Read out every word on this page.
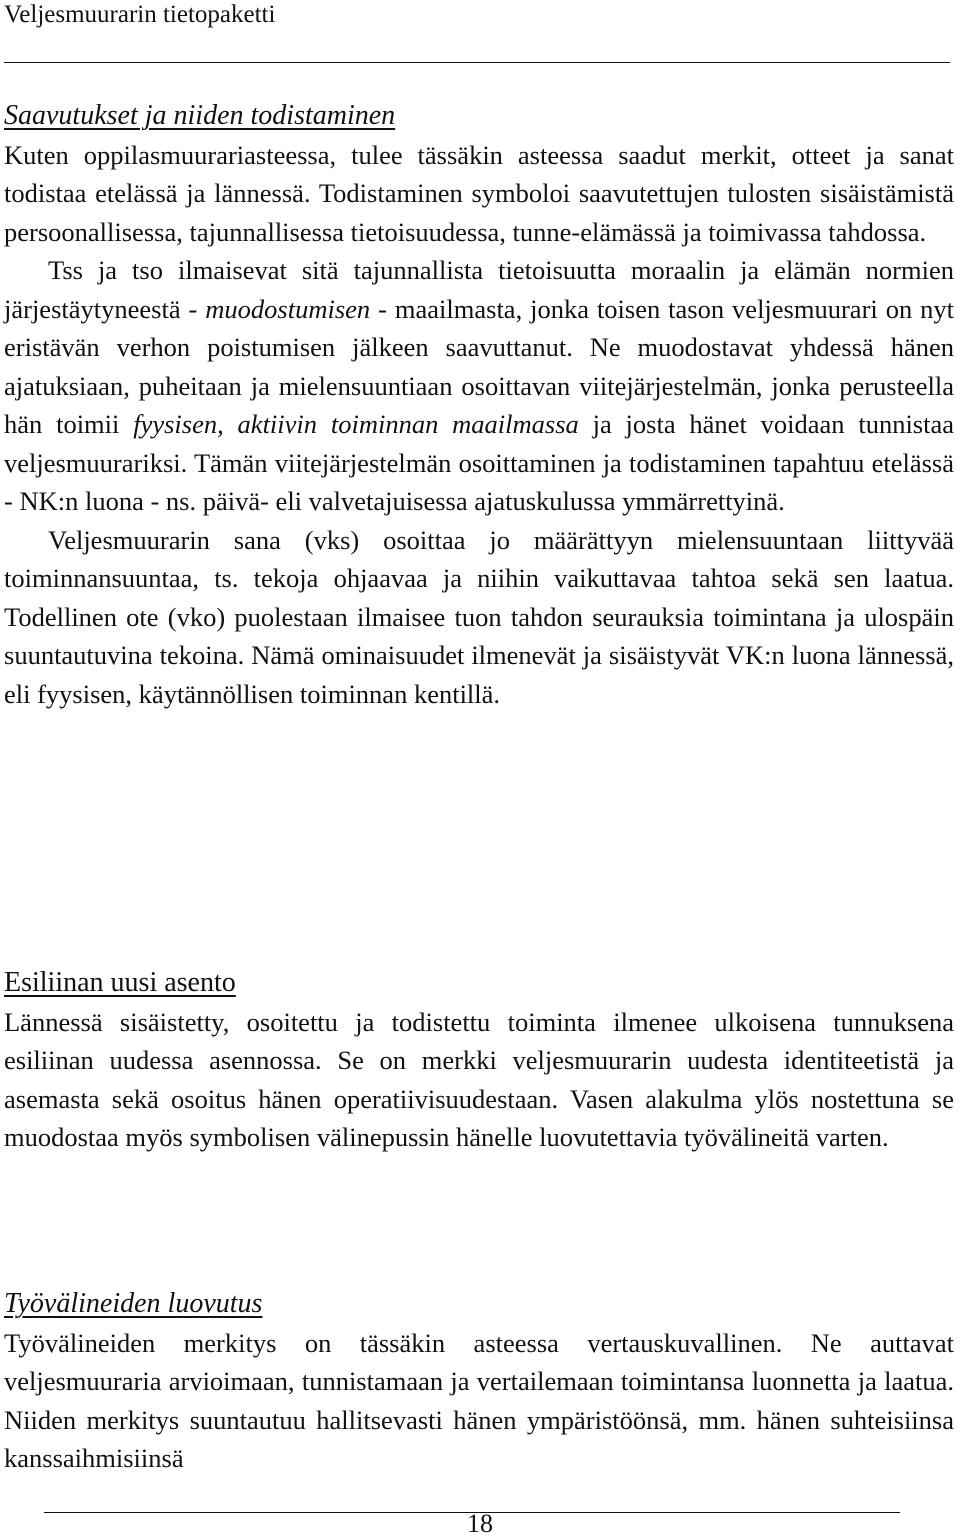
Veljesmuurarin tietopaketti
Saavutukset ja niiden todistaminen

Kuten oppilasmuurariasteessa, tulee tässäkin asteessa saadut merkit, otteet ja sanat todistaa etelässä ja lännessä. Todistaminen symboloi saavutettujen tulosten sisäistämistä persoonallisessa, tajunnallisessa tietoisuudessa, tunne-elämässä ja toimivassa tahdossa.

Tss ja tso ilmaisevat sitä tajunnallista tietoisuutta moraalin ja elämän normien järjestäytyneestä - muodostumisen - maailmasta, jonka toisen tason veljesmuurari on nyt eristävän verhon poistumisen jälkeen saavuttanut. Ne muodostavat yhdessä hänen ajatuksiaan, puheitaan ja mielensuuntiaan osoittavan viitejärjestelmän, jonka perusteella hän toimii fyysisen, aktiivin toiminnan maailmassa ja josta hänet voidaan tunnistaa veljesmuurariksi. Tämän viitejärjestelmän osoittaminen ja todistaminen tapahtuu etelässä - NK:n luona - ns. päivä- eli valvetajuisessa ajatuskulussa ymmärrettyinä.

Veljesmuurarin sana (vks) osoittaa jo määrättyyn mielensuuntaan liittyvää toiminnansuuntaa, ts. tekoja ohjaavaa ja niihin vaikuttavaa tahtoa sekä sen laatua. Todellinen ote (vko) puolestaan ilmaisee tuon tahdon seurauksia toimintana ja ulospäin suuntautuvina tekoina. Nämä ominaisuudet ilmenevät ja sisäistyvät VK:n luona lännessä, eli fyysisen, käytännöllisen toiminnan kentillä.

Esiliinan uusi asento

Lännessä sisäistetty, osoitettu ja todistettu toiminta ilmenee ulkoisena tunnuksena esiliinan uudessa asennossa. Se on merkki veljesmuurarin uudesta identiteetistä ja asemasta sekä osoitus hänen operatiivisuudestaan. Vasen alakulma ylös nostettuna se muodostaa myös symbolisen välinepussin hänelle luovutettavia työvälineitä varten.

Työvälineiden luovutus

Työvälineiden merkitys on tässäkin asteessa vertauskuvallinen. Ne auttavat veljesmuuraria arvioimaan, tunnistamaan ja vertailemaan toimintansa luonnetta ja laatua. Niiden merkitys suuntautuu hallitsevasti hänen ympäristöönsä, mm. hänen suhteisiinsa kanssaihmisiinsä

18
